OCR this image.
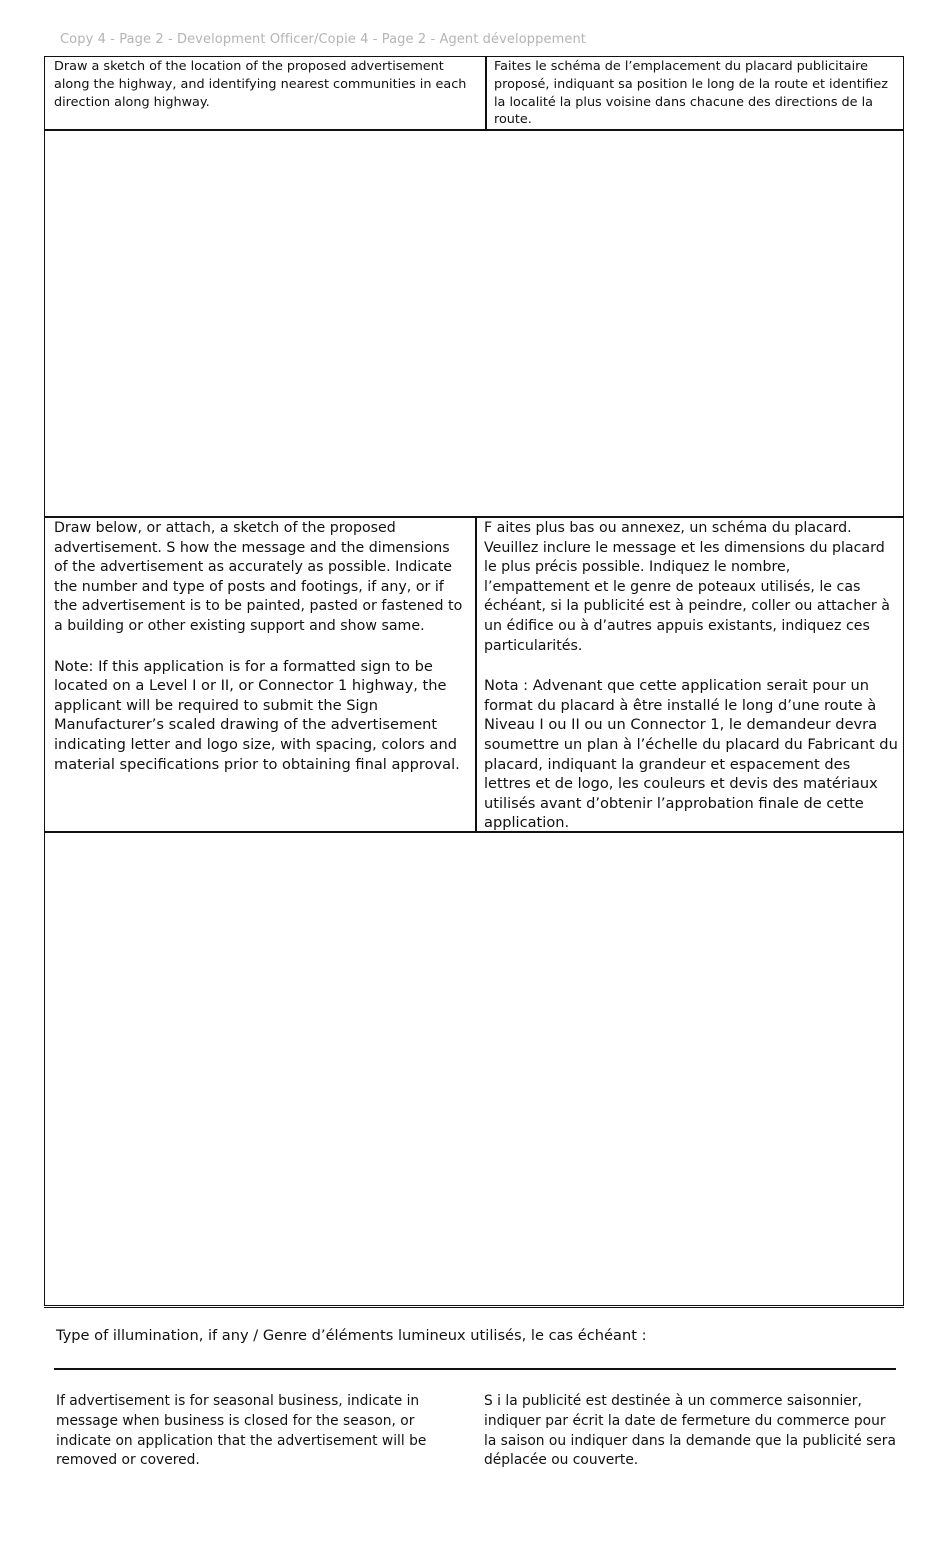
Copy 4 - Page 2 - Development Officer/Copie 4 - Page 2 - Agent développement
Draw a sketch of the location of the proposed advertisement along the highway, and identifying nearest communities in each direction along highway.
Faites le schéma de l’emplacement du placard publicitaire proposé, indiquant sa position le long de la route et identifiez la localité la plus voisine dans chacune des directions de la route.
Draw below, or attach, a sketch of the proposed advertisement. S how the message and the dimensions of the advertisement as accurately as possible. Indicate the number and type of posts and footings, if any, or if the advertisement is to be painted, pasted or fastened to a building or other existing support and show same.
Note: If this application is for a formatted sign to be located on a Level I or II, or Connector 1 highway, the applicant will be required to submit the Sign Manufacturer’s scaled drawing of the advertisement indicating letter and logo size, with spacing, colors and material specifications prior to obtaining final approval.
F aites plus bas ou annexez, un schéma du placard. Veuillez inclure le message et les dimensions du placard le plus précis possible. Indiquez le nombre, l’empattement et le genre de poteaux utilisés, le cas échéant, si la publicité est à peindre, coller ou attacher à un édifice ou à d’autres appuis existants, indiquez ces particularités.
Nota : Advenant que cette application serait pour un format du placard à être installé le long d’une route à Niveau I ou II ou un Connector 1, le demandeur devra soumettre un plan à l’échelle du placard du Fabricant du placard, indiquant la grandeur et espacement des lettres et de logo, les couleurs et devis des matériaux utilisés avant d’obtenir l’approbation finale de cette application.
Type of illumination, if any / Genre d’éléments lumineux utilisés, le cas échéant :
If advertisement is for seasonal business, indicate in message when business is closed for the season, or indicate on application that the advertisement will be removed or covered.
S i la publicité est destinée à un commerce saisonnier, indiquer par écrit la date de fermeture du commerce pour la saison ou indiquer dans la demande que la publicité sera déplacée ou couverte.
